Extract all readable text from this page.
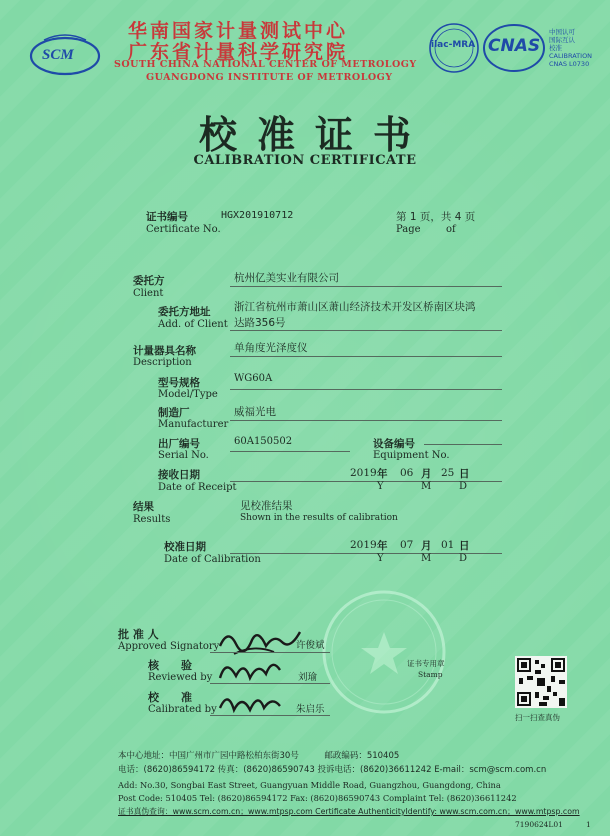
SCM
华南国家计量测试中心
广东省计量科学研究院
SOUTH CHINA NATIONAL CENTER OF METROLOGY
GUANGDONG INSTITUTE OF METROLOGY
ilac-MRA CNAS
中国认可
国际互认
校准
CALIBRATION
CNAS L0730
校准证书
CALIBRATION CERTIFICATE
证书编号
Certificate No.
HGX201910712	第 1 页，共 4 页
Page	of
委托方
Client
杭州亿美实业有限公司
委托方地址
Add. of Client
浙江省杭州市萧山区萧山经济技术开发区桥南区块鸿
达路356号
计量器具名称
Description
单角度光泽度仪
型号规格
Model/Type
WG60A
制造厂
Manufacturer
威福光电
出厂编号
Serial No.
60A150502	设备编号
Equipment No.
接收日期
Date of Receipt
2019 年 06 月 25 日
Y	M	D
结果
Results
见校准结果
Shown in the results of calibration
校准日期
Date of Calibration
2019 年 07 月 01 日
Y	M	D
批 准 人
Approved Signatory	许俊斌
核　　验
Reviewed by	刘瑜
校　　准
Calibrated by	朱启乐
证书专用章
Stamp
扫一扫查真伪
本中心地址：中国广州市广园中路松柏东街30号　　　邮政编码：510405
电话：(8620)86594172 传真：(8620)86590743 投诉电话：(8620)36611242 E-mail：scm@scm.com.cn
Add: No.30, Songbai East Street, Guangyuan Middle Road, Guangzhou, Guangdong, China
Post Code: 510405 Tel: (8620)86594172 Fax: (8620)86590743 Complaint Tel: (8620)36611242
证书真伪查询：www.scm.com.cn；www.mtpsp.com Certificate AuthenticityIdentify: www.scm.com.cn；www.mtpsp.com
7190624L01	1
